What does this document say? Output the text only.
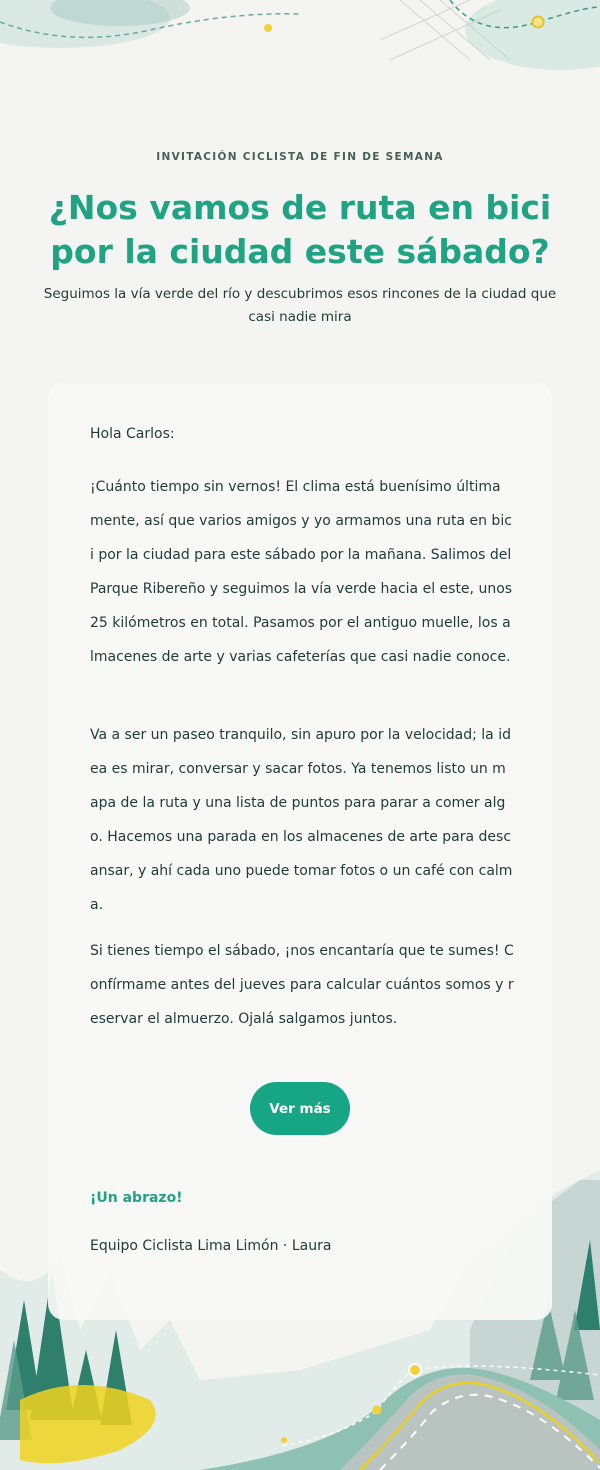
INVITACIÓN CICLISTA DE FIN DE SEMANA
¿Nos vamos de ruta en bici por la ciudad este sábado?
Seguimos la vía verde del río y descubrimos esos rincones de la ciudad que casi nadie mira
Hola Carlos:

¡Cuánto tiempo sin vernos! El clima está buenísimo últimamente, así que varios amigos y yo armamos una ruta en bici por la ciudad para este sábado por la mañana. Salimos del Parque Ribereño y seguimos la vía verde hacia el este, unos 25 kilómetros en total. Pasamos por el antiguo muelle, los almacenes de arte y varias cafeterías que casi nadie conoce.

Va a ser un paseo tranquilo, sin apuro por la velocidad; la idea es mirar, conversar y sacar fotos. Ya tenemos listo un mapa de la ruta y una lista de puntos para parar a comer algo. Hacemos una parada en los almacenes de arte para descansar, y ahí cada uno puede tomar fotos o un café con calma.

Si tienes tiempo el sábado, ¡nos encantaría que te sumes! Confírmame antes del jueves para calcular cuántos somos y reservar el almuerzo. Ojalá salgamos juntos.

Ver más
¡Un abrazo!
Equipo Ciclista Lima Limón · Laura
